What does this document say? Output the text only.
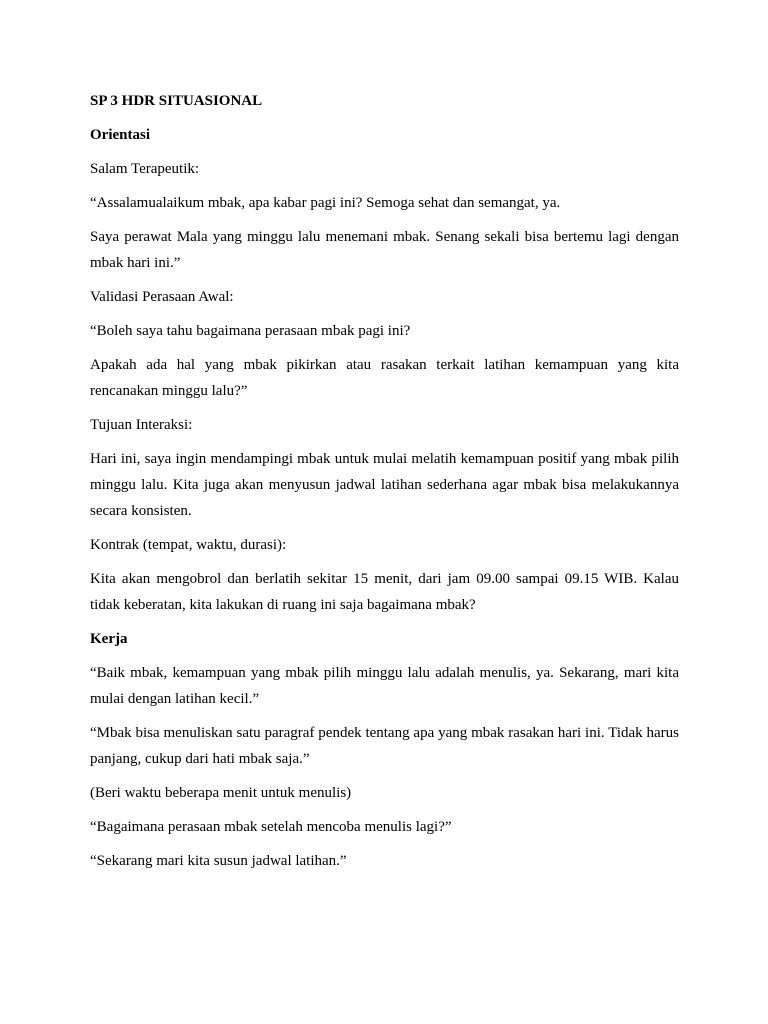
SP 3 HDR SITUASIONAL

Orientasi

Salam Terapeutik:

“Assalamualaikum mbak, apa kabar pagi ini? Semoga sehat dan semangat, ya.

Saya perawat Mala yang minggu lalu menemani mbak. Senang sekali bisa bertemu lagi dengan mbak hari ini.”

Validasi Perasaan Awal:

“Boleh saya tahu bagaimana perasaan mbak pagi ini?

Apakah ada hal yang mbak pikirkan atau rasakan terkait latihan kemampuan yang kita rencanakan minggu lalu?”

Tujuan Interaksi:

Hari ini, saya ingin mendampingi mbak untuk mulai melatih kemampuan positif yang mbak pilih minggu lalu. Kita juga akan menyusun jadwal latihan sederhana agar mbak bisa melakukannya secara konsisten.

Kontrak (tempat, waktu, durasi):

Kita akan mengobrol dan berlatih sekitar 15 menit, dari jam 09.00 sampai 09.15 WIB. Kalau tidak keberatan, kita lakukan di ruang ini saja bagaimana mbak?

Kerja

“Baik mbak, kemampuan yang mbak pilih minggu lalu adalah menulis, ya. Sekarang, mari kita mulai dengan latihan kecil.”

“Mbak bisa menuliskan satu paragraf pendek tentang apa yang mbak rasakan hari ini. Tidak harus panjang, cukup dari hati mbak saja.”

(Beri waktu beberapa menit untuk menulis)

“Bagaimana perasaan mbak setelah mencoba menulis lagi?”

“Sekarang mari kita susun jadwal latihan.”
